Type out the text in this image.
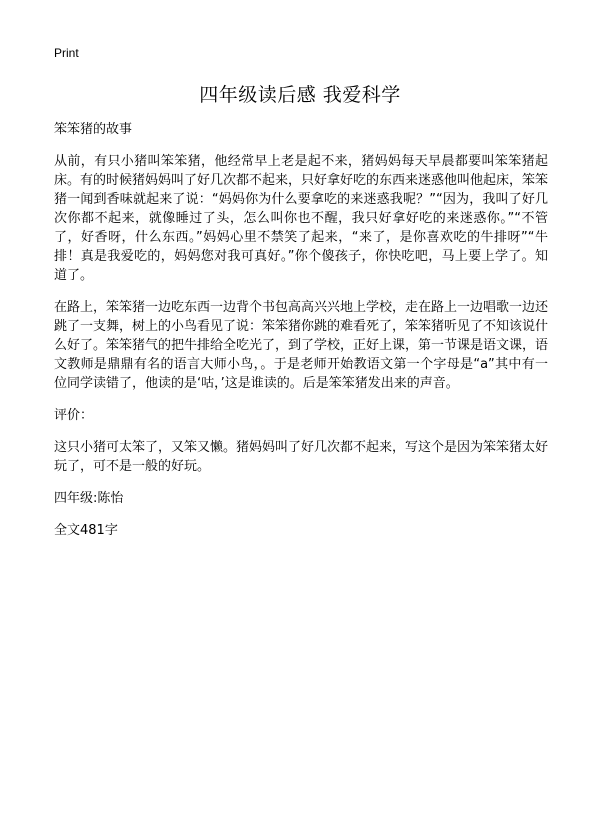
Print
四年级读后感 我爱科学

笨笨猪的故事

从前，有只小猪叫笨笨猪，他经常早上老是起不来，猪妈妈每天早晨都要叫笨笨猪起床。有的时候猪妈妈叫了好几次都不起来，只好拿好吃的东西来迷惑他叫他起床，笨笨猪一闻到香味就起来了说：“妈妈你为什么要拿吃的来迷惑我呢？”“因为，我叫了好几次你都不起来，就像睡过了头，怎么叫你也不醒，我只好拿好吃的来迷惑你。”“不管了，好香呀，什么东西。”妈妈心里不禁笑了起来，“来了，是你喜欢吃的牛排呀”“牛排！真是我爱吃的，妈妈您对我可真好。”你个傻孩子，你快吃吧，马上要上学了。知道了。

在路上，笨笨猪一边吃东西一边背个书包高高兴兴地上学校，走在路上一边唱歌一边还跳了一支舞，树上的小鸟看见了说：笨笨猪你跳的难看死了，笨笨猪听见了不知该说什么好了。笨笨猪气的把牛排给全吃光了，到了学校，正好上课，第一节课是语文课，语文教师是鼎鼎有名的语言大师小鸟，。于是老师开始教语文第一个字母是“a”其中有一位同学读错了，他读的是‘咕，’这是谁读的。后是笨笨猪发出来的声音。

评价：

这只小猪可太笨了，又笨又懒。猪妈妈叫了好几次都不起来，写这个是因为笨笨猪太好玩了，可不是一般的好玩。

四年级:陈怡

全文481字
